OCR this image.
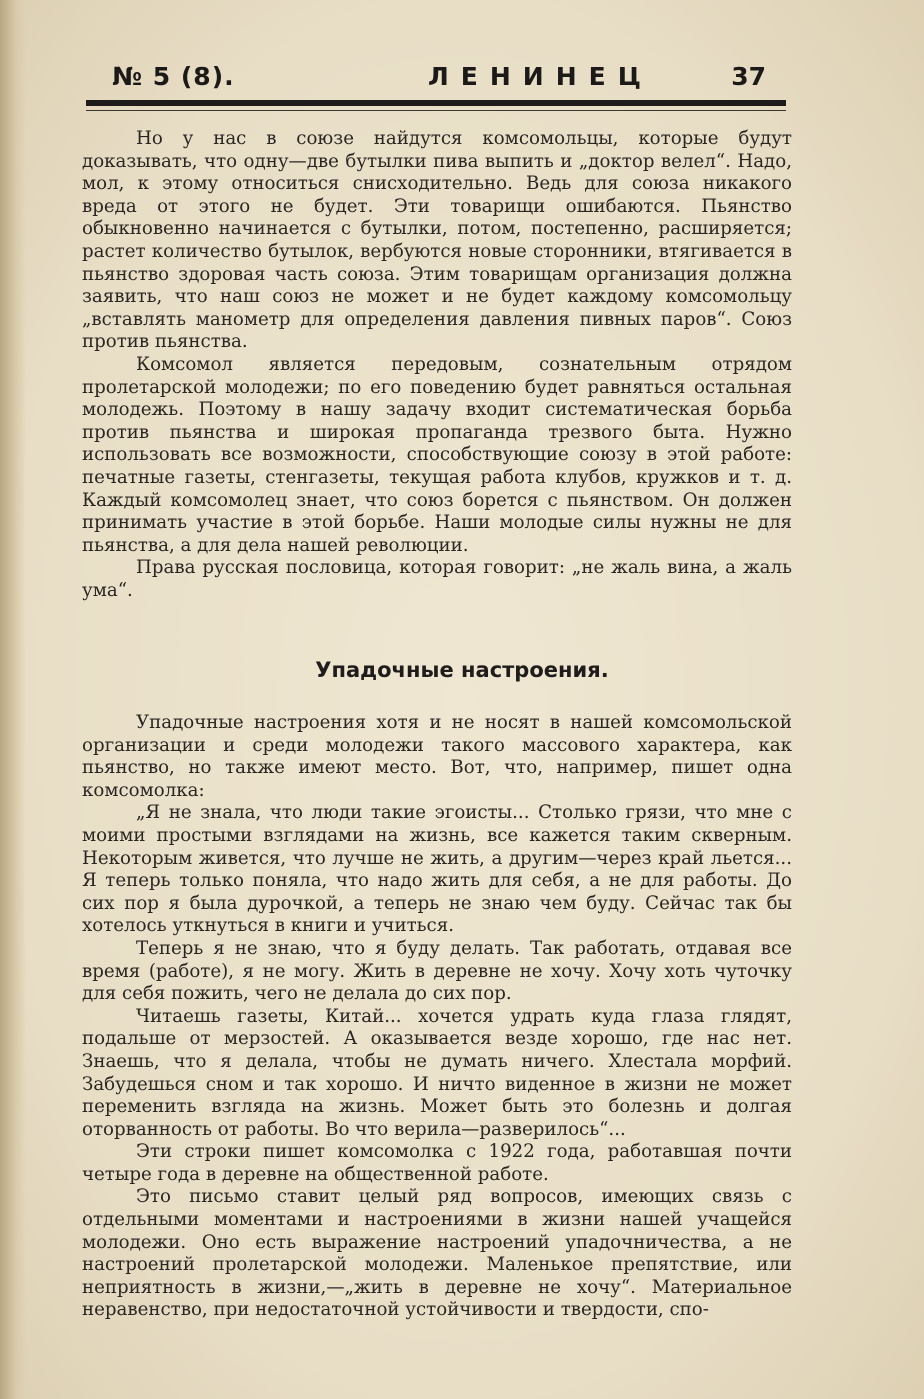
№ 5 (8).	ЛЕНИНЕЦ	37

Но у нас в союзе найдутся комсомольцы, которые будут доказывать, что одну—две бутылки пива выпить и „доктор велел“. Надо, мол, к этому относиться снисходительно. Ведь для союза никакого вреда от этого не будет. Эти товарищи ошибаются. Пьянство обыкновенно начинается с бутылки, потом, постепенно, расширяется; растет количество бутылок, вербуются новые сторонники, втягивается в пьянство здоровая часть союза. Этим товарищам организация должна заявить, что наш союз не может и не будет каждому комсомольцу „вставлять манометр для определения давления пивных паров“. Союз против пьянства.

Комсомол является передовым, сознательным отрядом пролетарской молодежи; по его поведению будет равняться остальная молодежь. Поэтому в нашу задачу входит систематическая борьба против пьянства и широкая пропаганда трезвого быта. Нужно использовать все возможности, способствующие союзу в этой работе: печатные газеты, стенгазеты, текущая работа клубов, кружков и т. д. Каждый комсомолец знает, что союз борется с пьянством. Он должен принимать участие в этой борьбе. Наши молодые силы нужны не для пьянства, а для дела нашей революции.

Права русская пословица, которая говорит: „не жаль вина, а жаль ума“.

Упадочные настроения.

Упадочные настроения хотя и не носят в нашей комсомольской организации и среди молодежи такого массового характера, как пьянство, но также имеют место. Вот, что, например, пишет одна комсомолка:

„Я не знала, что люди такие эгоисты... Столько грязи, что мне с моими простыми взглядами на жизнь, все кажется таким скверным. Некоторым живется, что лучше не жить, а другим—через край льется... Я теперь только поняла, что надо жить для себя, а не для работы. До сих пор я была дурочкой, а теперь не знаю чем буду. Сейчас так бы хотелось уткнуться в книги и учиться.

Теперь я не знаю, что я буду делать. Так работать, отдавая все время (работе), я не могу. Жить в деревне не хочу. Хочу хоть чуточку для себя пожить, чего не делала до сих пор.

Читаешь газеты, Китай... хочется удрать куда глаза глядят, подальше от мерзостей. А оказывается везде хорошо, где нас нет. Знаешь, что я делала, чтобы не думать ничего. Хлестала морфий. Забудешься сном и так хорошо. И ничто виденное в жизни не может переменить взгляда на жизнь. Может быть это болезнь и долгая оторванность от работы. Во что верила—разверилось“...

Эти строки пишет комсомолка с 1922 года, работавшая почти четыре года в деревне на общественной работе.

Это письмо ставит целый ряд вопросов, имеющих связь с отдельными моментами и настроениями в жизни нашей учащейся молодежи. Оно есть выражение настроений упадочничества, а не настроений пролетарской молодежи. Маленькое препятствие, или неприятность в жизни,—„жить в деревне не хочу“. Материальное неравенство, при недостаточной устойчивости и твердости, спо-
